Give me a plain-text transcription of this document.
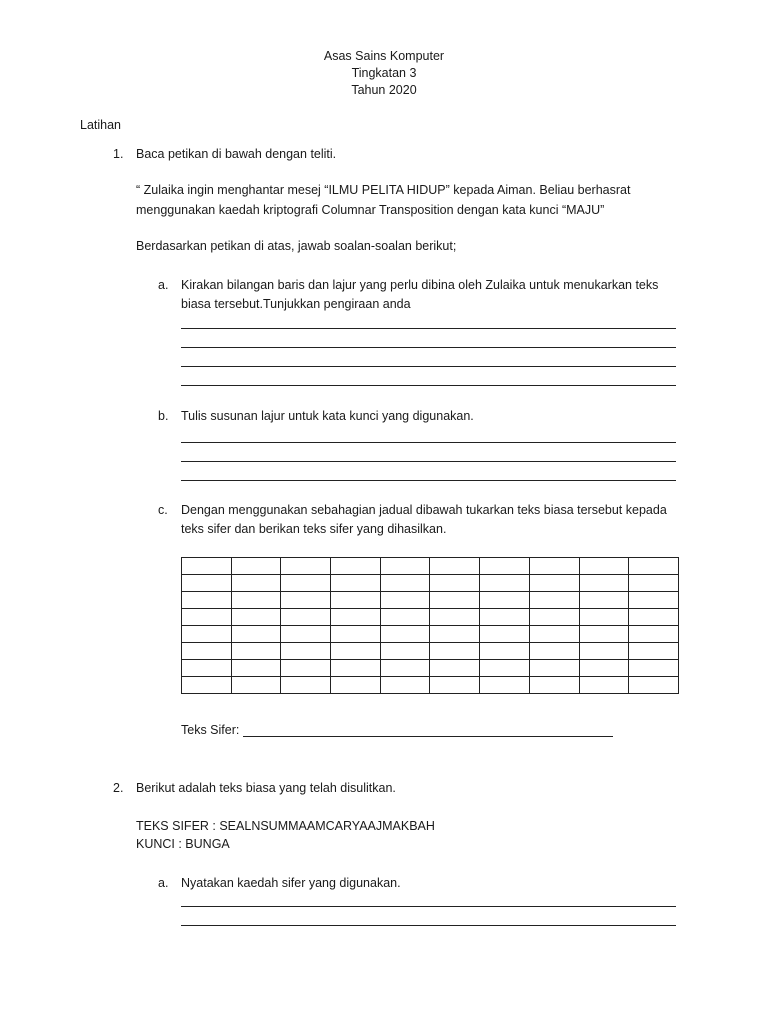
Asas Sains Komputer
Tingkatan 3
Tahun 2020
Latihan
1. Baca petikan di bawah dengan teliti.
“ Zulaika ingin menghantar mesej “ILMU PELITA HIDUP” kepada Aiman. Beliau berhasrat
menggunakan kaedah kriptografi Columnar Transposition dengan kata kunci “MAJU”
Berdasarkan petikan di atas, jawab soalan-soalan berikut;
a. Kirakan bilangan baris dan lajur yang perlu dibina oleh Zulaika untuk menukarkan teks
biasa tersebut.Tunjukkan pengiraan anda
b. Tulis susunan lajur untuk kata kunci yang digunakan.
c. Dengan menggunakan sebahagian jadual dibawah tukarkan teks biasa tersebut kepada
teks sifer dan berikan teks sifer yang dihasilkan.

Teks Sifer:
2. Berikut adalah teks biasa yang telah disulitkan.
TEKS SIFER : SEALNSUMMAAMCARYAAJMAKBAH
KUNCI : BUNGA
a. Nyatakan kaedah sifer yang digunakan.
